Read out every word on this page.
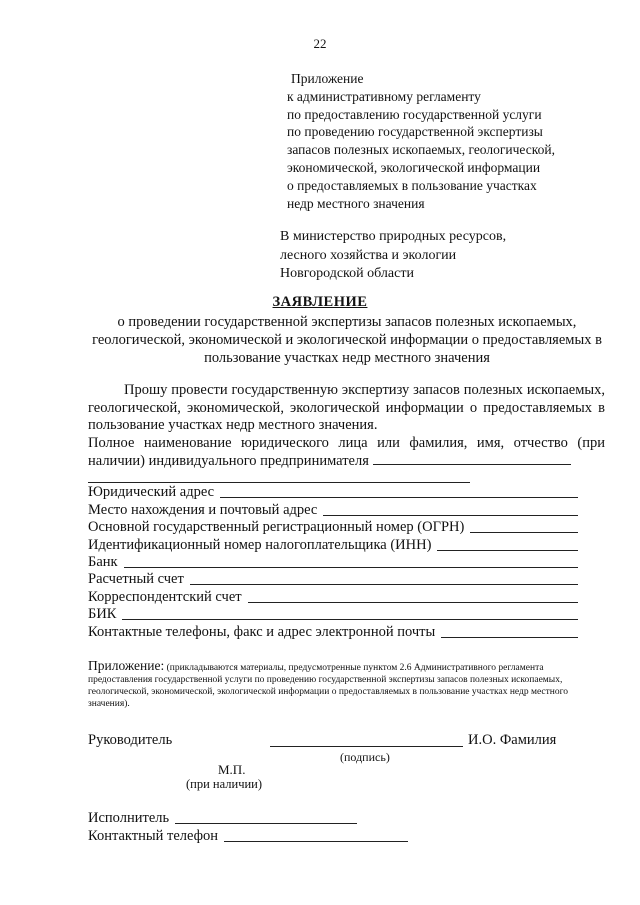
22
Приложение
к административному регламенту
по предоставлению государственной услуги
по проведению государственной экспертизы
запасов полезных ископаемых, геологической,
экономической, экологической информации
о предоставляемых в пользование участках
недр местного значения
В министерство природных ресурсов,
лесного хозяйства и экологии
Новгородской области
ЗАЯВЛЕНИЕ
о проведении государственной экспертизы запасов полезных ископаемых, геологической, экономической и экологической информации о предоставляемых в пользование участках недр местного значения

Прошу провести государственную экспертизу запасов полезных ископаемых, геологической, экономической, экологической информации о предоставляемых в пользование участках недр местного значения.

Полное наименование юридического лица или фамилия, имя, отчество (при наличии) индивидуального предпринимателя

Юридический адрес
Место нахождения и почтовый адрес
Основной государственный регистрационный номер (ОГРН)
Идентификационный номер налогоплательщика (ИНН)
Банк
Расчетный счет
Корреспондентский счет
БИК
Контактные телефоны, факс и адрес электронной почты
Приложение: (прикладываются материалы, предусмотренные пунктом 2.6 Административного регламента предоставления государственной услуги по проведению государственной экспертизы запасов полезных ископаемых, геологической, экономической, экологической информации о предоставляемых в пользование участках недр местного значения).
Руководитель	И.О. Фамилия
(подпись)
М.П.
(при наличии)
Исполнитель
Контактный телефон
